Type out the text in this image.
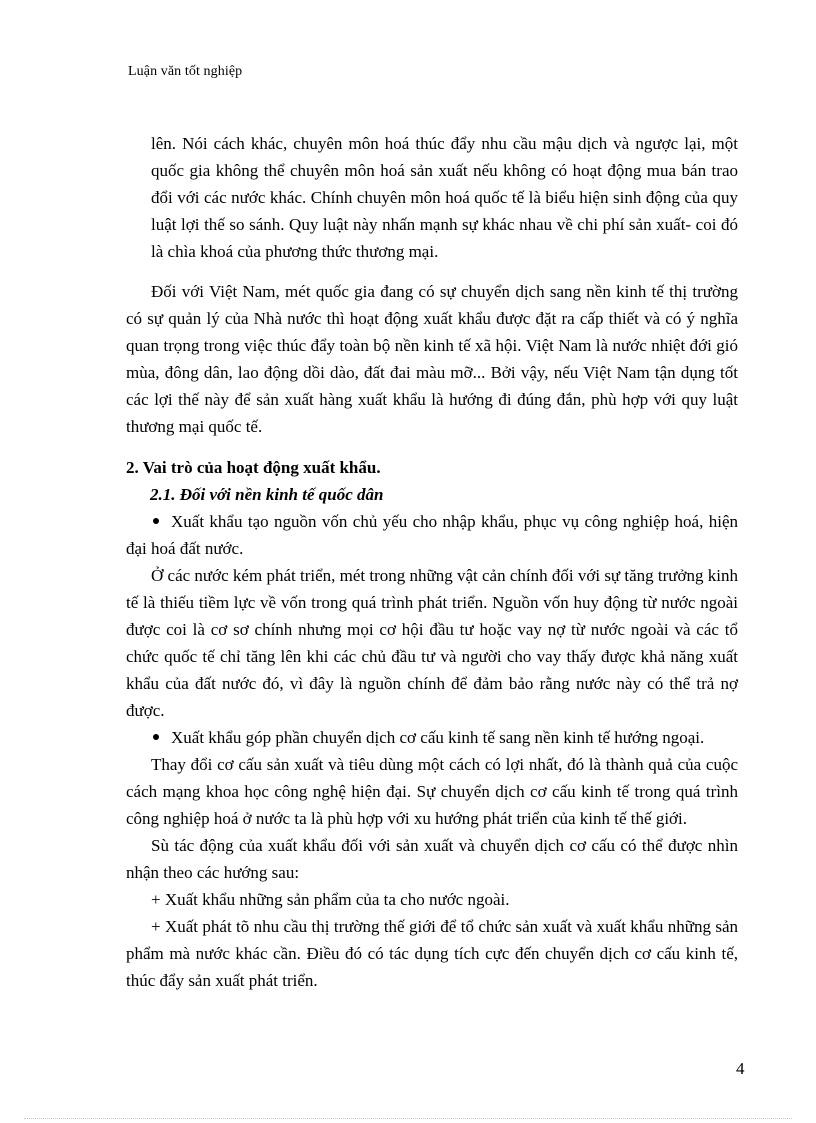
Luận văn tốt nghiệp

lên. Nói cách khác, chuyên môn hoá thúc đẩy nhu cầu mậu dịch và ngược lại, một quốc gia không thể chuyên môn hoá sản xuất nếu không có hoạt động mua bán trao đổi với các nước khác. Chính chuyên môn hoá quốc tế là biểu hiện sinh động của quy luật lợi thế so sánh. Quy luật này nhấn mạnh sự khác nhau về chi phí sản xuất- coi đó là chìa khoá của phương thức thương mại.

Đối với Việt Nam, mét quốc gia đang có sự chuyển dịch sang nền kinh tế thị trường có sự quản lý của Nhà nước thì hoạt động xuất khẩu được đặt ra cấp thiết và có ý nghĩa quan trọng trong việc thúc đẩy toàn bộ nền kinh tế xã hội. Việt Nam là nước nhiệt đới gió mùa, đông dân, lao động dồi dào, đất đai màu mỡ... Bởi vậy, nếu Việt Nam tận dụng tốt các lợi thế này để sản xuất hàng xuất khẩu là hướng đi đúng đắn, phù hợp với quy luật thương mại quốc tế.

2. Vai trò của hoạt động xuất khẩu.

2.1. Đối với nền kinh tế quốc dân

Xuất khẩu tạo nguồn vốn chủ yếu cho nhập khẩu, phục vụ công nghiệp hoá, hiện đại hoá đất nước.

Ở các nước kém phát triển, mét trong những vật cản chính đối với sự tăng trưởng kinh tế là thiếu tiềm lực về vốn trong quá trình phát triển. Nguồn vốn huy động từ nước ngoài được coi là cơ sơ chính nhưng mọi cơ hội đầu tư hoặc vay nợ từ nước ngoài và các tổ chức quốc tế chỉ tăng lên khi các chủ đầu tư và người cho vay thấy được khả năng xuất khẩu của đất nước đó, vì đây là nguồn chính để đảm bảo rằng nước này có thể trả nợ được.

Xuất khẩu góp phần chuyển dịch cơ cấu kinh tế sang nền kinh tế hướng ngoại.

Thay đổi cơ cấu sản xuất và tiêu dùng một cách có lợi nhất, đó là thành quả của cuộc cách mạng khoa học công nghệ hiện đại. Sự chuyển dịch cơ cấu kinh tế trong quá trình công nghiệp hoá ở nước ta là phù hợp với xu hướng phát triển của kinh tế thế giới.

Sù tác động của xuất khẩu đối với sản xuất và chuyển dịch cơ cấu có thể được nhìn nhận theo các hướng sau:

+ Xuất khẩu những sản phẩm của ta cho nước ngoài.

+ Xuất phát tõ nhu cầu thị trường thế giới để tổ chức sản xuất và xuất khẩu những sản phẩm mà nước khác cần. Điều đó có tác dụng tích cực đến chuyển dịch cơ cấu kinh tế, thúc đẩy sản xuất phát triển.

4
